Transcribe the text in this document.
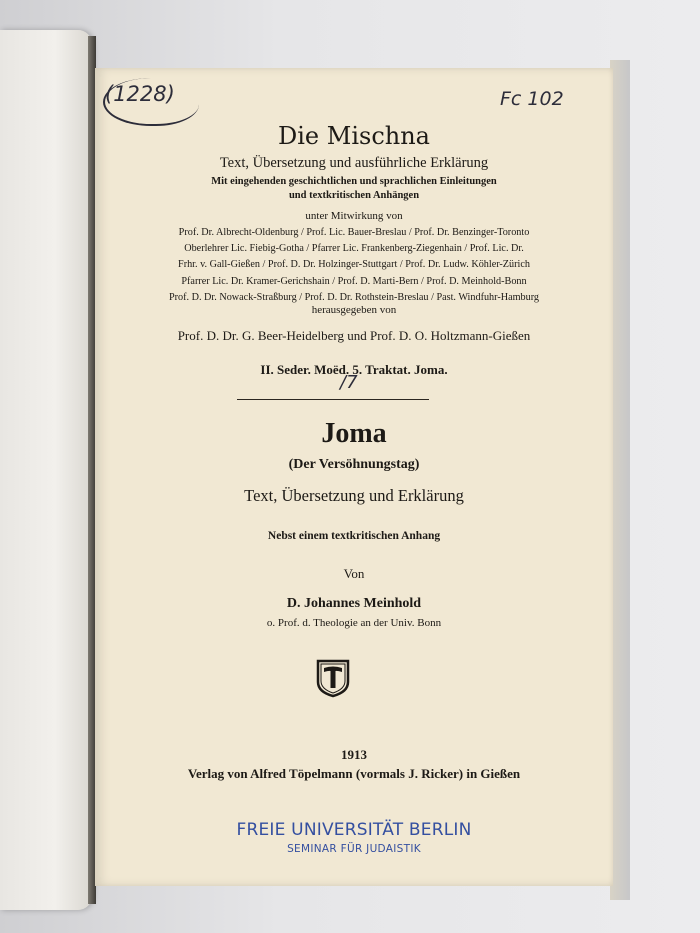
(1228)	Fc 102
Die Mischna
Text, Übersetzung und ausführliche Erklärung
Mit eingehenden geschichtlichen und sprachlichen Einleitungen
und textkritischen Anhängen
unter Mitwirkung von
Prof. Dr. Albrecht-Oldenburg / Prof. Lic. Bauer-Breslau / Prof. Dr. Benzinger-Toronto
Oberlehrer Lic. Fiebig-Gotha / Pfarrer Lic. Frankenberg-Ziegenhain / Prof. Lic. Dr.
Frhr. v. Gall-Gießen / Prof. D. Dr. Holzinger-Stuttgart / Prof. Dr. Ludw. Köhler-Zürich
Pfarrer Lic. Dr. Kramer-Gerichshain / Prof. D. Marti-Bern / Prof. D. Meinhold-Bonn
Prof. D. Dr. Nowack-Straßburg / Prof. D. Dr. Rothstein-Breslau / Past. Windfuhr-Hamburg
herausgegeben von
Prof. D. Dr. G. Beer-Heidelberg und Prof. D. O. Holtzmann-Gießen
II. Seder. Moëd. 5. Traktat. Joma.
/7
Joma
(Der Versöhnungstag)
Text, Übersetzung und Erklärung
Nebst einem textkritischen Anhang
Von
D. Johannes Meinhold
o. Prof. d. Theologie an der Univ. Bonn
1913
Verlag von Alfred Töpelmann (vormals J. Ricker) in Gießen
FREIE UNIVERSITÄT BERLIN
SEMINAR FÜR JUDAISTIK
